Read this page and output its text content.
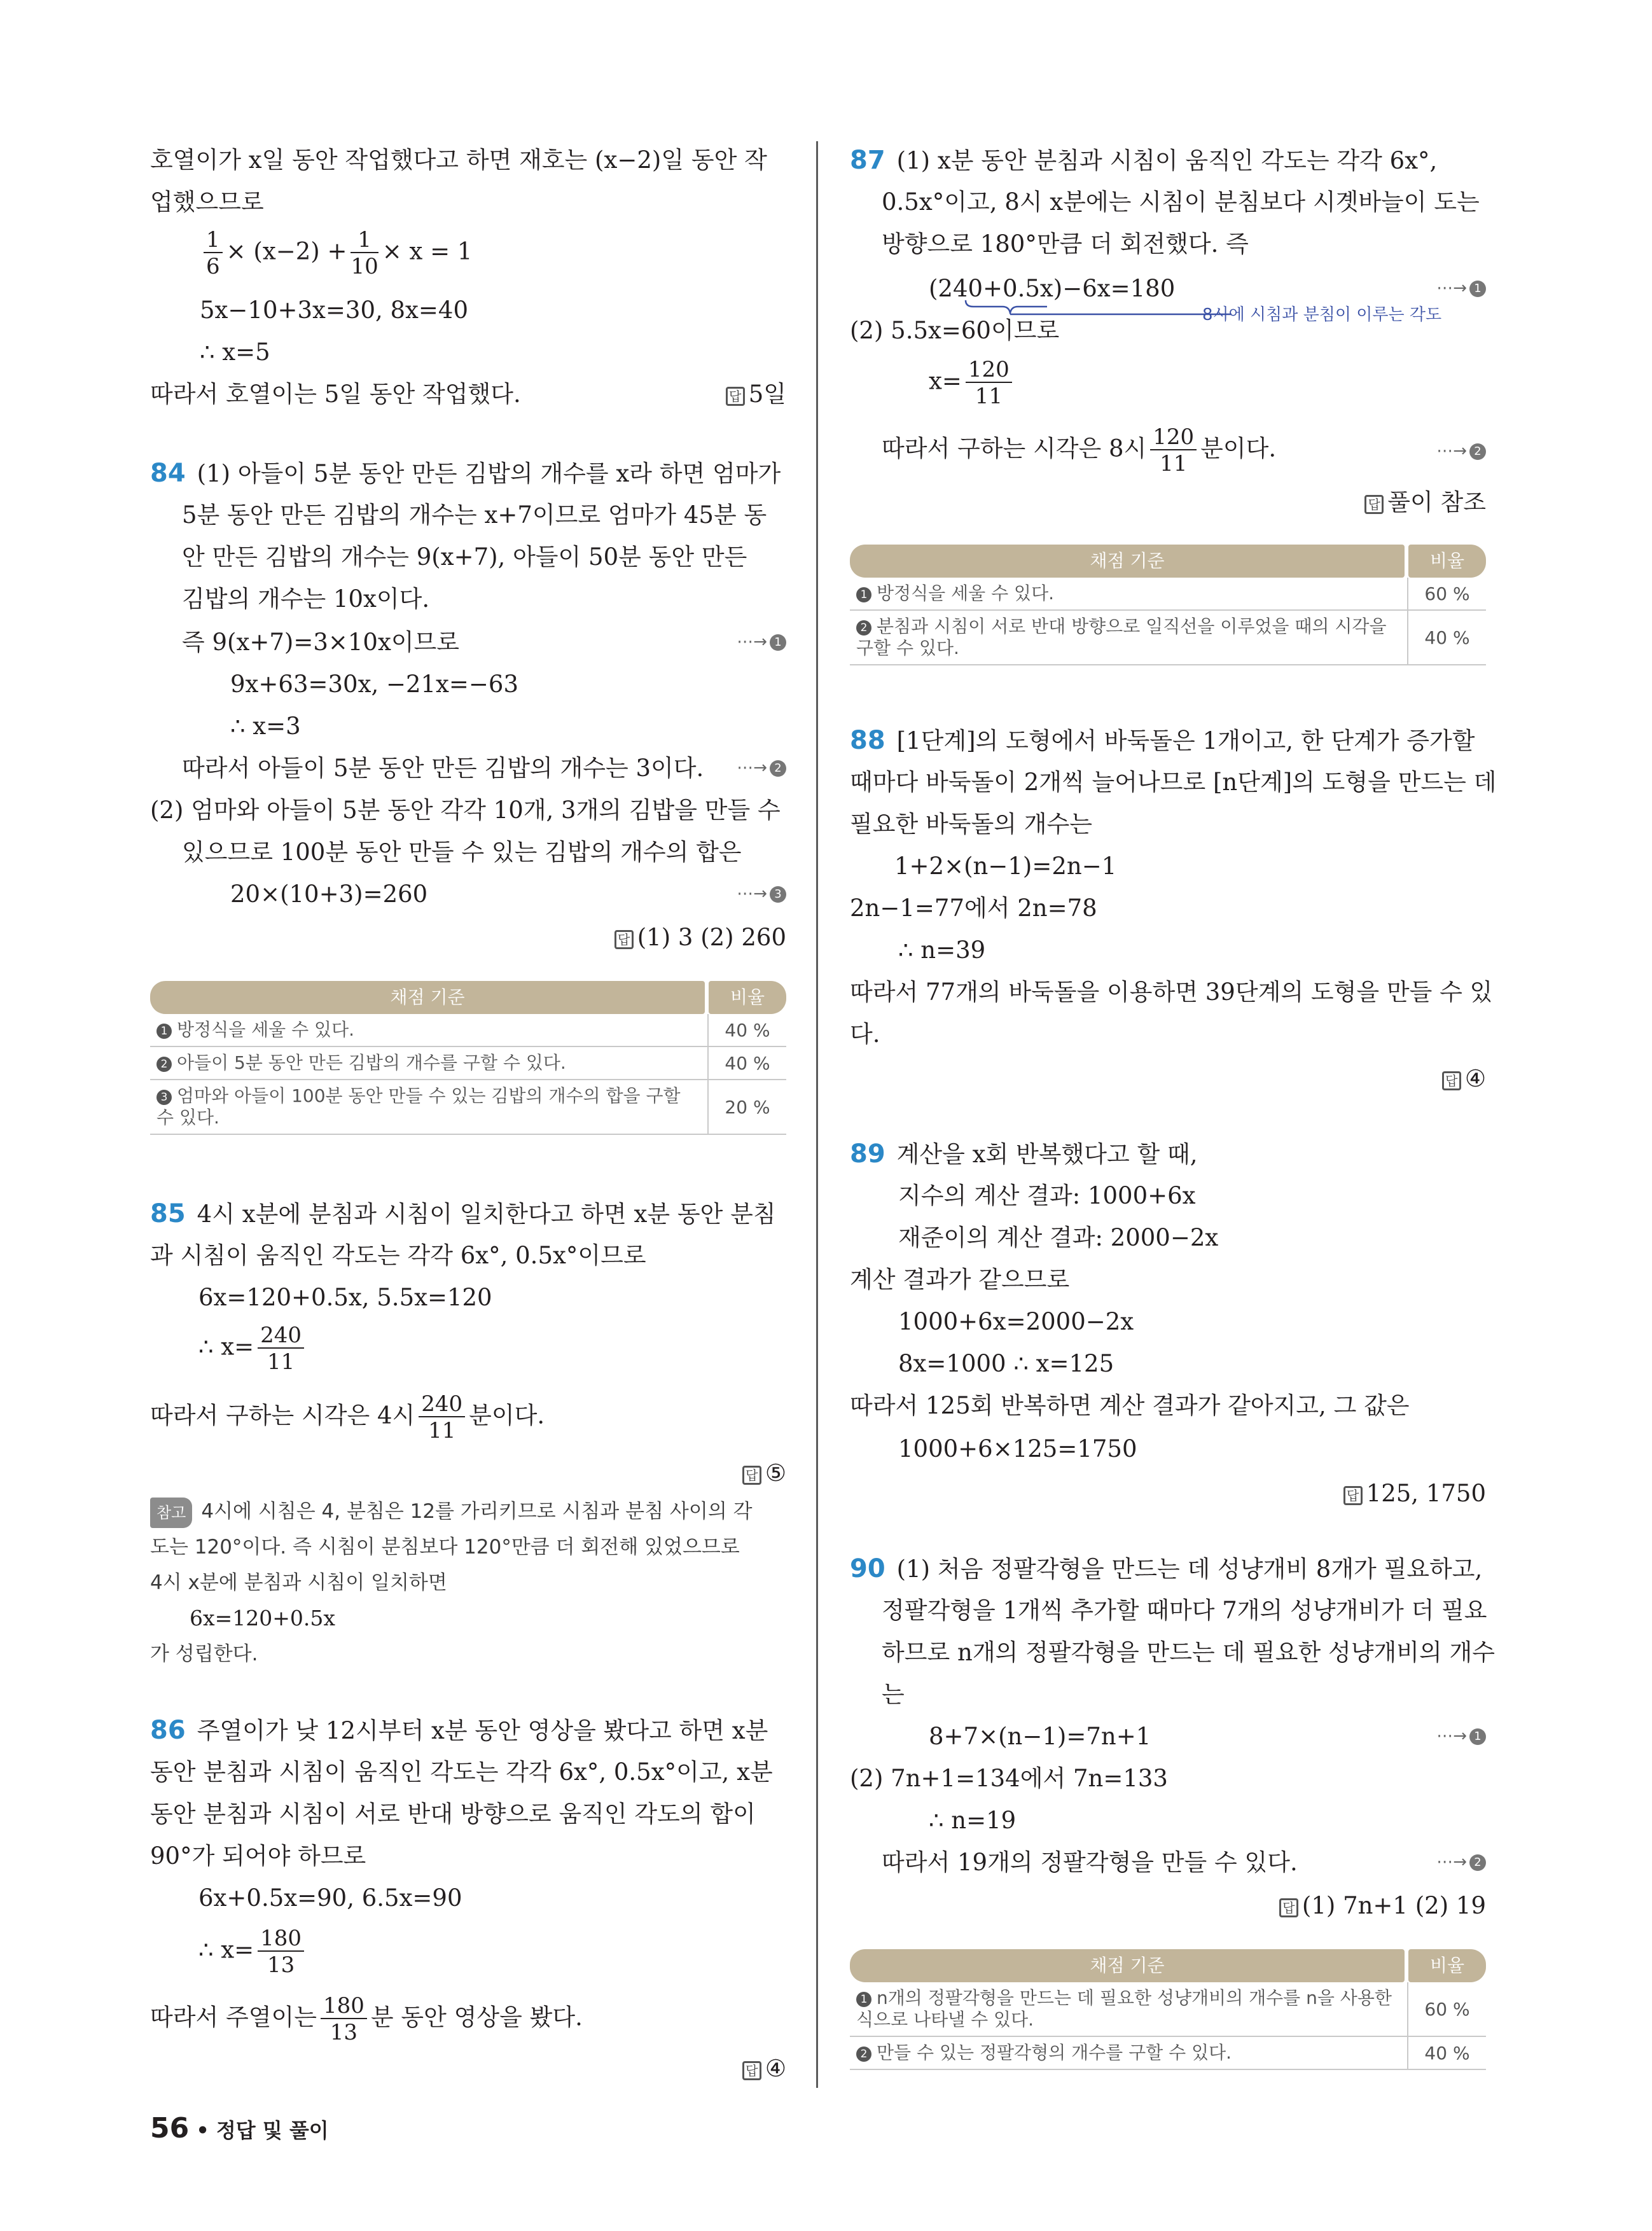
호열이가 x일 동안 작업했다고 하면 재호는 (x−2)일 동안 작
업했으므로
$\frac{1}{6} \times (x-2) + \frac{1}{10} \times x = 1$
5x−10+3x=30, 8x=40
∴ x=5
따라서 호열이는 5일 동안 작업했다.	답 5일
84 (1) 아들이 5분 동안 만든 김밥의 개수를 x라 하면 엄마가
5분 동안 만든 김밥의 개수는 x+7이므로 엄마가 45분 동
안 만든 김밥의 개수는 9(x+7), 아들이 50분 동안 만든
김밥의 개수는 10x이다.
즉 9(x+7)=3×10x이므로	⋯→ 1
9x+63=30x, −21x=−63
∴ x=3
따라서 아들이 5분 동안 만든 김밥의 개수는 3이다. ⋯→ 2
(2) 엄마와 아들이 5분 동안 각각 10개, 3개의 김밥을 만들 수
있으므로 100분 동안 만들 수 있는 김밥의 개수의 합은
20×(10+3)=260	⋯→ 3
답 (1) 3 (2) 260
채점 기준	비율
1 방정식을 세울 수 있다.	40 %
2 아들이 5분 동안 만든 김밥의 개수를 구할 수 있다.	40 %
3 엄마와 아들이 100분 동안 만들 수 있는 김밥의 개수의 합을 구할 수 있다.	20 %
85 4시 x분에 분침과 시침이 일치한다고 하면 x분 동안 분침
과 시침이 움직인 각도는 각각 6x°, 0.5x°이므로
6x=120+0.5x, 5.5x=120
∴ $x= \frac{240}{11}$
따라서 구하는 시각은 4시 $\frac{240}{11}$ 분이다.
답 ⑤
참고 4시에 시침은 4, 분침은 12를 가리키므로 시침과 분침 사이의 각
도는 120°이다. 즉 시침이 분침보다 120°만큼 더 회전해 있었으므로
4시 x분에 분침과 시침이 일치하면
6x=120+0.5x
가 성립한다.
86 주열이가 낮 12시부터 x분 동안 영상을 봤다고 하면 x분
동안 분침과 시침이 움직인 각도는 각각 6x°, 0.5x°이고, x분
동안 분침과 시침이 서로 반대 방향으로 움직인 각도의 합이
90°가 되어야 하므로
6x+0.5x=90, 6.5x=90
∴ $x= \frac{180}{13}$
따라서 주열이는 $\frac{180}{13}$ 분 동안 영상을 봤다.
답 ④
87 (1) x분 동안 분침과 시침이 움직인 각도는 각각 6x°,
0.5x°이고, 8시 x분에는 시침이 분침보다 시곗바늘이 도는
방향으로 180°만큼 더 회전했다. 즉
(240+0.5x)−6x=180
8시에 시침과 분침이 이루는 각도
⋯→ 1
(2) 5.5x=60이므로
$x= \frac{120}{11}$
따라서 구하는 시각은 8시 $\frac{120}{11}$ 분이다.	⋯→ 2
답 풀이 참조
채점 기준	비율
1 방정식을 세울 수 있다.	60 %
2 분침과 시침이 서로 반대 방향으로 일직선을 이루었을 때의 시각을 구할 수 있다.	40 %
88 [1단계]의 도형에서 바둑돌은 1개이고, 한 단계가 증가할
때마다 바둑돌이 2개씩 늘어나므로 [n단계]의 도형을 만드는 데
필요한 바둑돌의 개수는
1+2×(n−1)=2n−1
2n−1=77에서 2n=78
∴ n=39
따라서 77개의 바둑돌을 이용하면 39단계의 도형을 만들 수 있
다.
답 ④
89 계산을 x회 반복했다고 할 때,
지수의 계산 결과: 1000+6x
재준이의 계산 결과: 2000−2x
계산 결과가 같으므로
1000+6x=2000−2x
8x=1000 ∴ x=125
따라서 125회 반복하면 계산 결과가 같아지고, 그 값은
1000+6×125=1750
답 125, 1750
90 (1) 처음 정팔각형을 만드는 데 성냥개비 8개가 필요하고,
정팔각형을 1개씩 추가할 때마다 7개의 성냥개비가 더 필요
하므로 n개의 정팔각형을 만드는 데 필요한 성냥개비의 개수
는
8+7×(n−1)=7n+1	⋯→ 1
(2) 7n+1=134에서 7n=133
∴ n=19
따라서 19개의 정팔각형을 만들 수 있다.	⋯→ 2
답 (1) 7n+1 (2) 19
채점 기준	비율
1 n개의 정팔각형을 만드는 데 필요한 성냥개비의 개수를 n을 사용한 식으로 나타낼 수 있다.	60 %
2 만들 수 있는 정팔각형의 개수를 구할 수 있다.	40 %
56 • 정답 및 풀이
